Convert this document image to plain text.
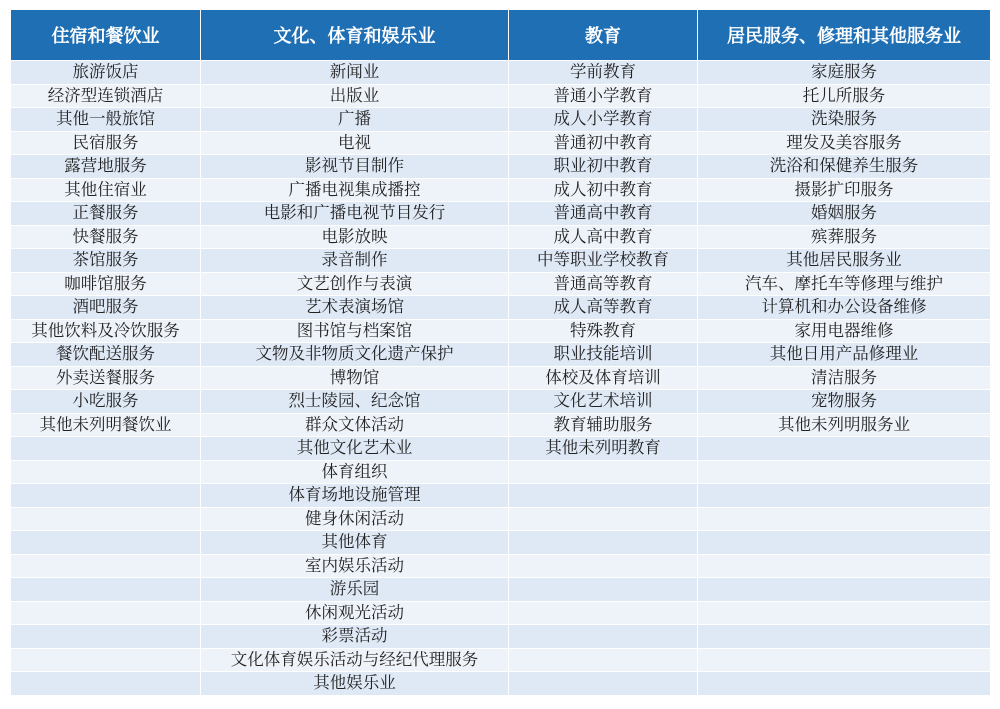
住宿和餐饮业	文化、体育和娱乐业	教育	居民服务、修理和其他服务业
旅游饭店	新闻业	学前教育	家庭服务
经济型连锁酒店	出版业	普通小学教育	托儿所服务
其他一般旅馆	广播	成人小学教育	洗染服务
民宿服务	电视	普通初中教育	理发及美容服务
露营地服务	影视节目制作	职业初中教育	洗浴和保健养生服务
其他住宿业	广播电视集成播控	成人初中教育	摄影扩印服务
正餐服务	电影和广播电视节目发行	普通高中教育	婚姻服务
快餐服务	电影放映	成人高中教育	殡葬服务
茶馆服务	录音制作	中等职业学校教育	其他居民服务业
咖啡馆服务	文艺创作与表演	普通高等教育	汽车、摩托车等修理与维护
酒吧服务	艺术表演场馆	成人高等教育	计算机和办公设备维修
其他饮料及冷饮服务	图书馆与档案馆	特殊教育	家用电器维修
餐饮配送服务	文物及非物质文化遗产保护	职业技能培训	其他日用产品修理业
外卖送餐服务	博物馆	体校及体育培训	清洁服务
小吃服务	烈士陵园、纪念馆	文化艺术培训	宠物服务
其他未列明餐饮业	群众文体活动	教育辅助服务	其他未列明服务业
	其他文化艺术业	其他未列明教育	
	体育组织		
	体育场地设施管理		
	健身休闲活动		
	其他体育		
	室内娱乐活动		
	游乐园		
	休闲观光活动		
	彩票活动		
	文化体育娱乐活动与经纪代理服务		
	其他娱乐业		
